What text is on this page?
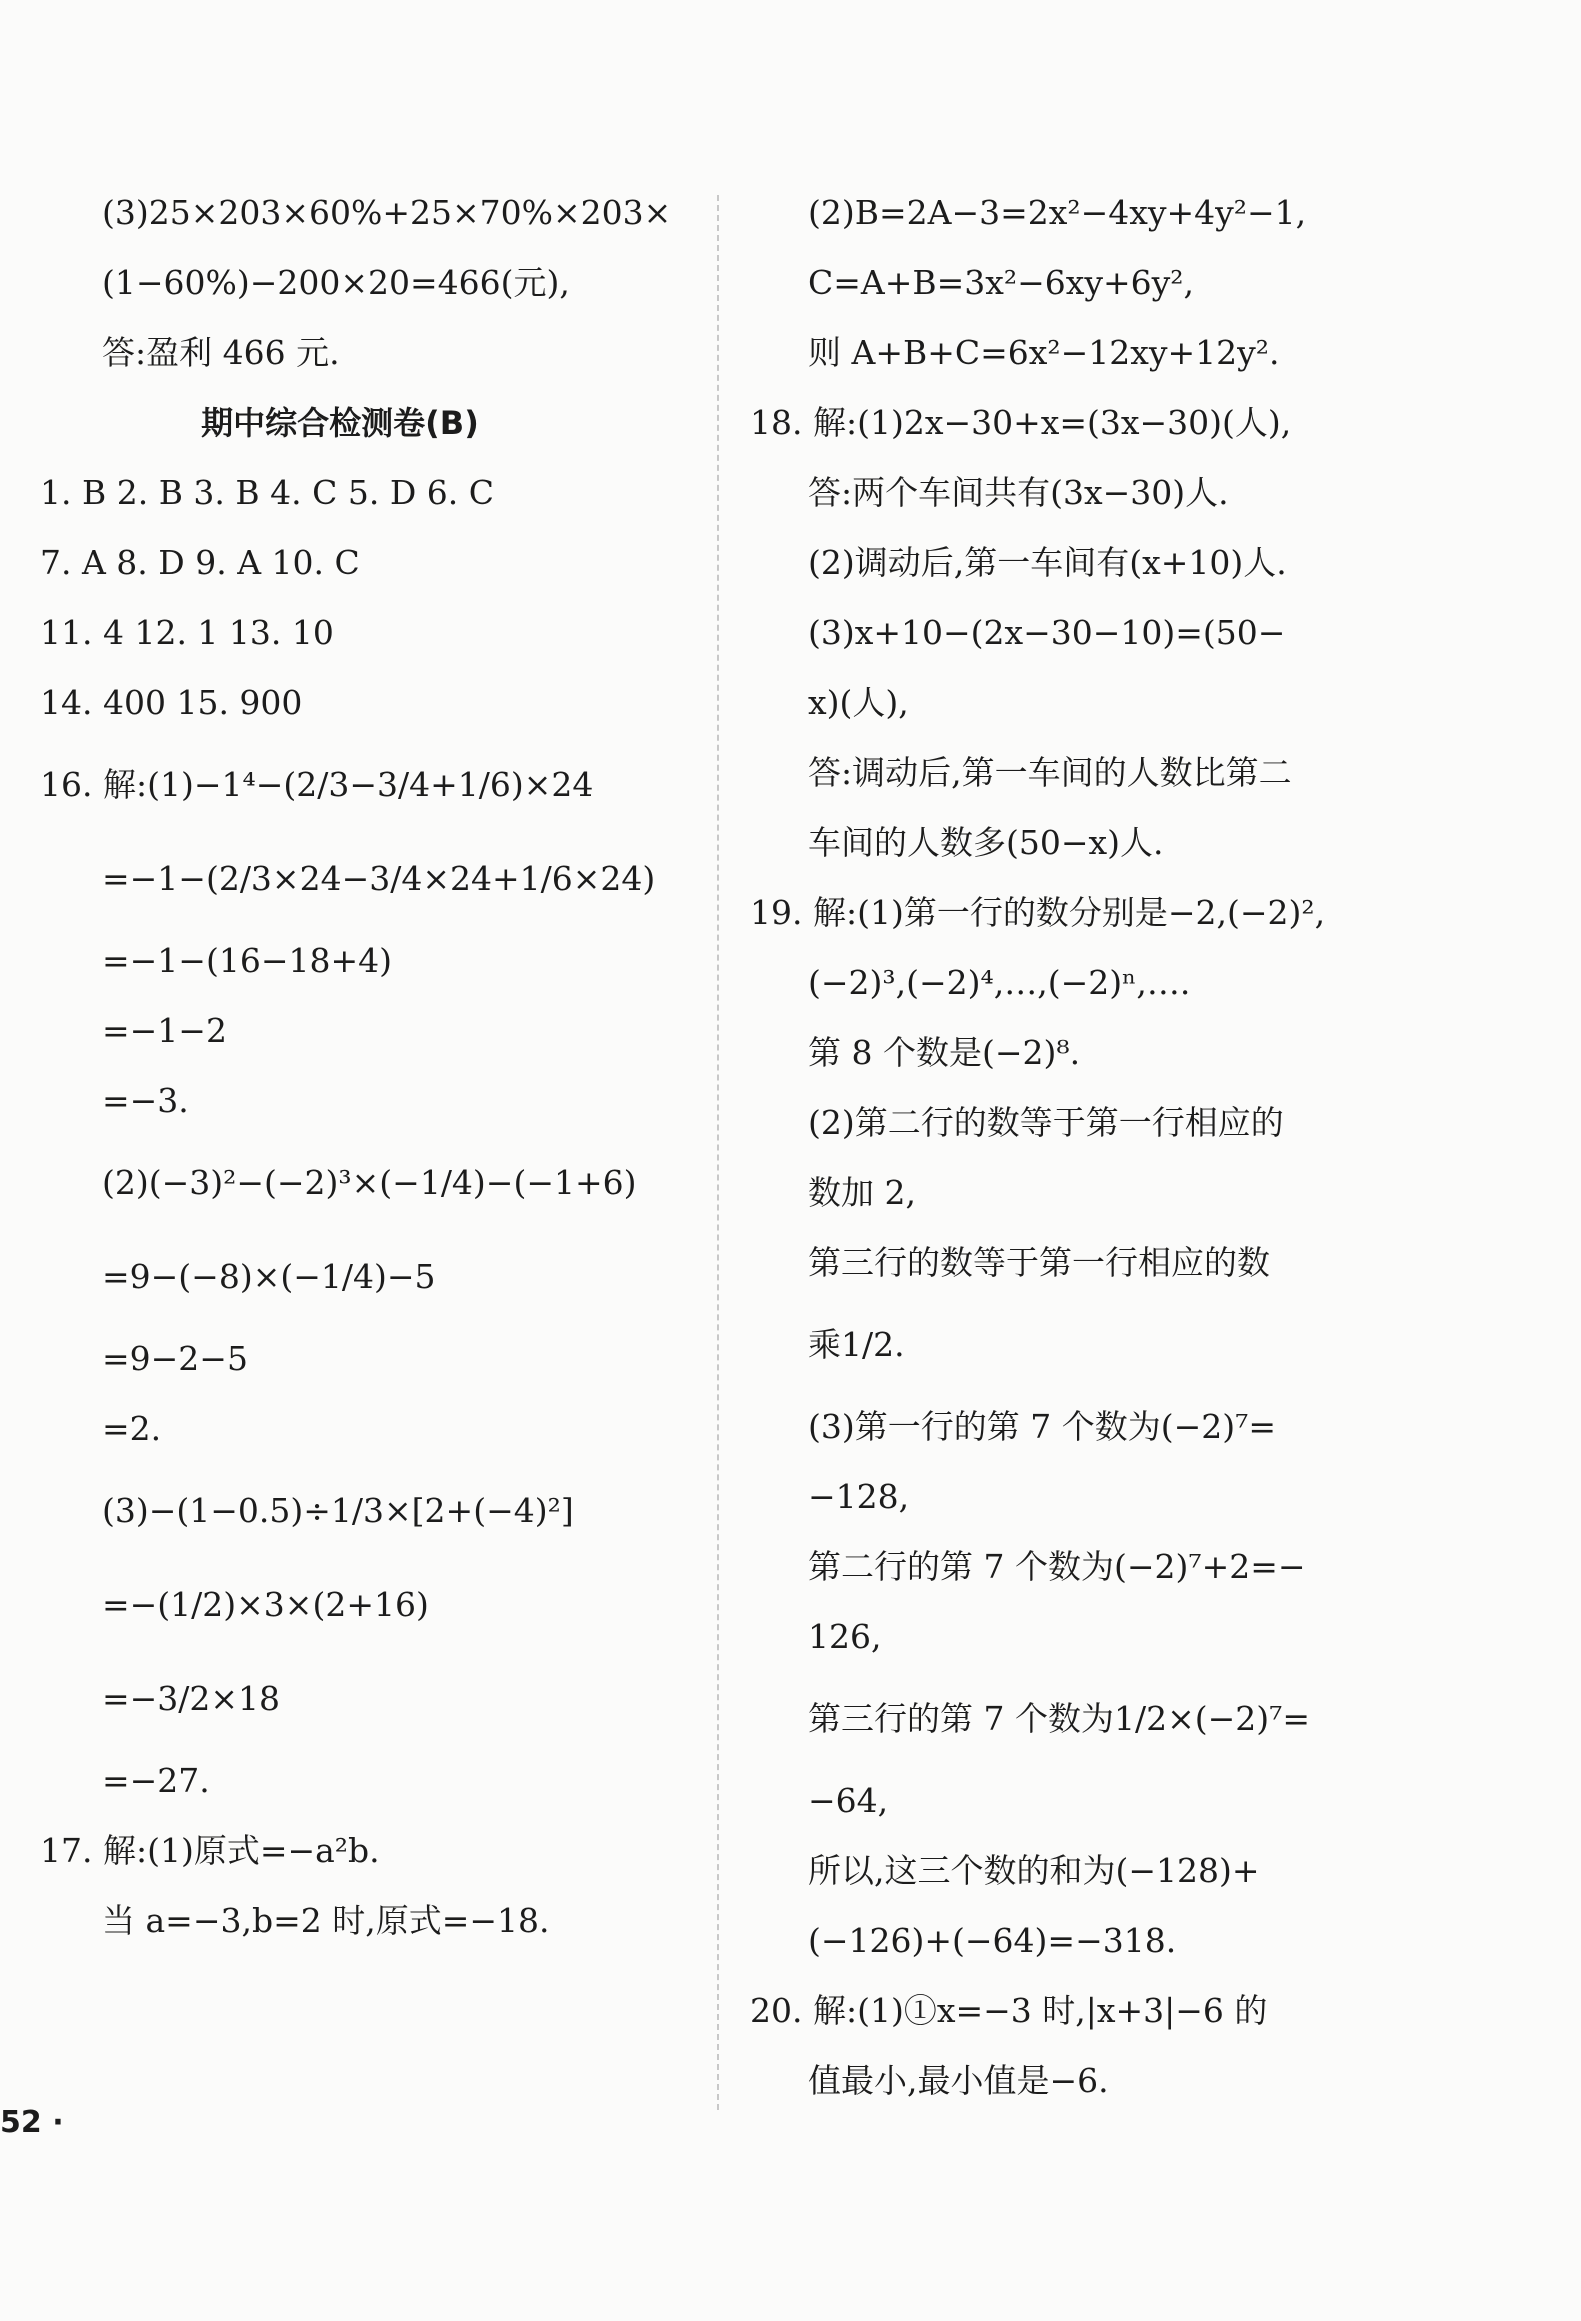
(3)25×203×60%+25×70%×203×
(1−60%)−200×20=466(元),
答:盈利 466 元.
期中综合检测卷(B)
1. B 2. B 3. B 4. C 5. D 6. C
7. A 8. D 9. A 10. C
11. 4 12. 1 13. 10
14. 400 15. 900
16. 解:(1)−1⁴−(2/3−3/4+1/6)×24
=−1−(2/3×24−3/4×24+1/6×24)
=−1−(16−18+4)
=−1−2
=−3.
(2)(−3)²−(−2)³×(−1/4)−(−1+6)
=9−(−8)×(−1/4)−5
=9−2−5
=2.
(3)−(1−0.5)÷1/3×[2+(−4)²]
=−(1/2)×3×(2+16)
=−3/2×18
=−27.
17. 解:(1)原式=−a²b.
当 a=−3,b=2 时,原式=−18.
(2)B=2A−3=2x²−4xy+4y²−1,
C=A+B=3x²−6xy+6y²,
则 A+B+C=6x²−12xy+12y².
18. 解:(1)2x−30+x=(3x−30)(人),
答:两个车间共有(3x−30)人.
(2)调动后,第一车间有(x+10)人.
(3)x+10−(2x−30−10)=(50−
x)(人),
答:调动后,第一车间的人数比第二
车间的人数多(50−x)人.
19. 解:(1)第一行的数分别是−2,(−2)²,
(−2)³,(−2)⁴,…,(−2)ⁿ,….
第 8 个数是(−2)⁸.
(2)第二行的数等于第一行相应的
数加 2,
第三行的数等于第一行相应的数
乘1/2.
(3)第一行的第 7 个数为(−2)⁷=
−128,
第二行的第 7 个数为(−2)⁷+2=−
126,
第三行的第 7 个数为1/2×(−2)⁷=
−64,
所以,这三个数的和为(−128)+
(−126)+(−64)=−318.
20. 解:(1)①x=−3 时,|x+3|−6 的
值最小,最小值是−6.
52 ·
